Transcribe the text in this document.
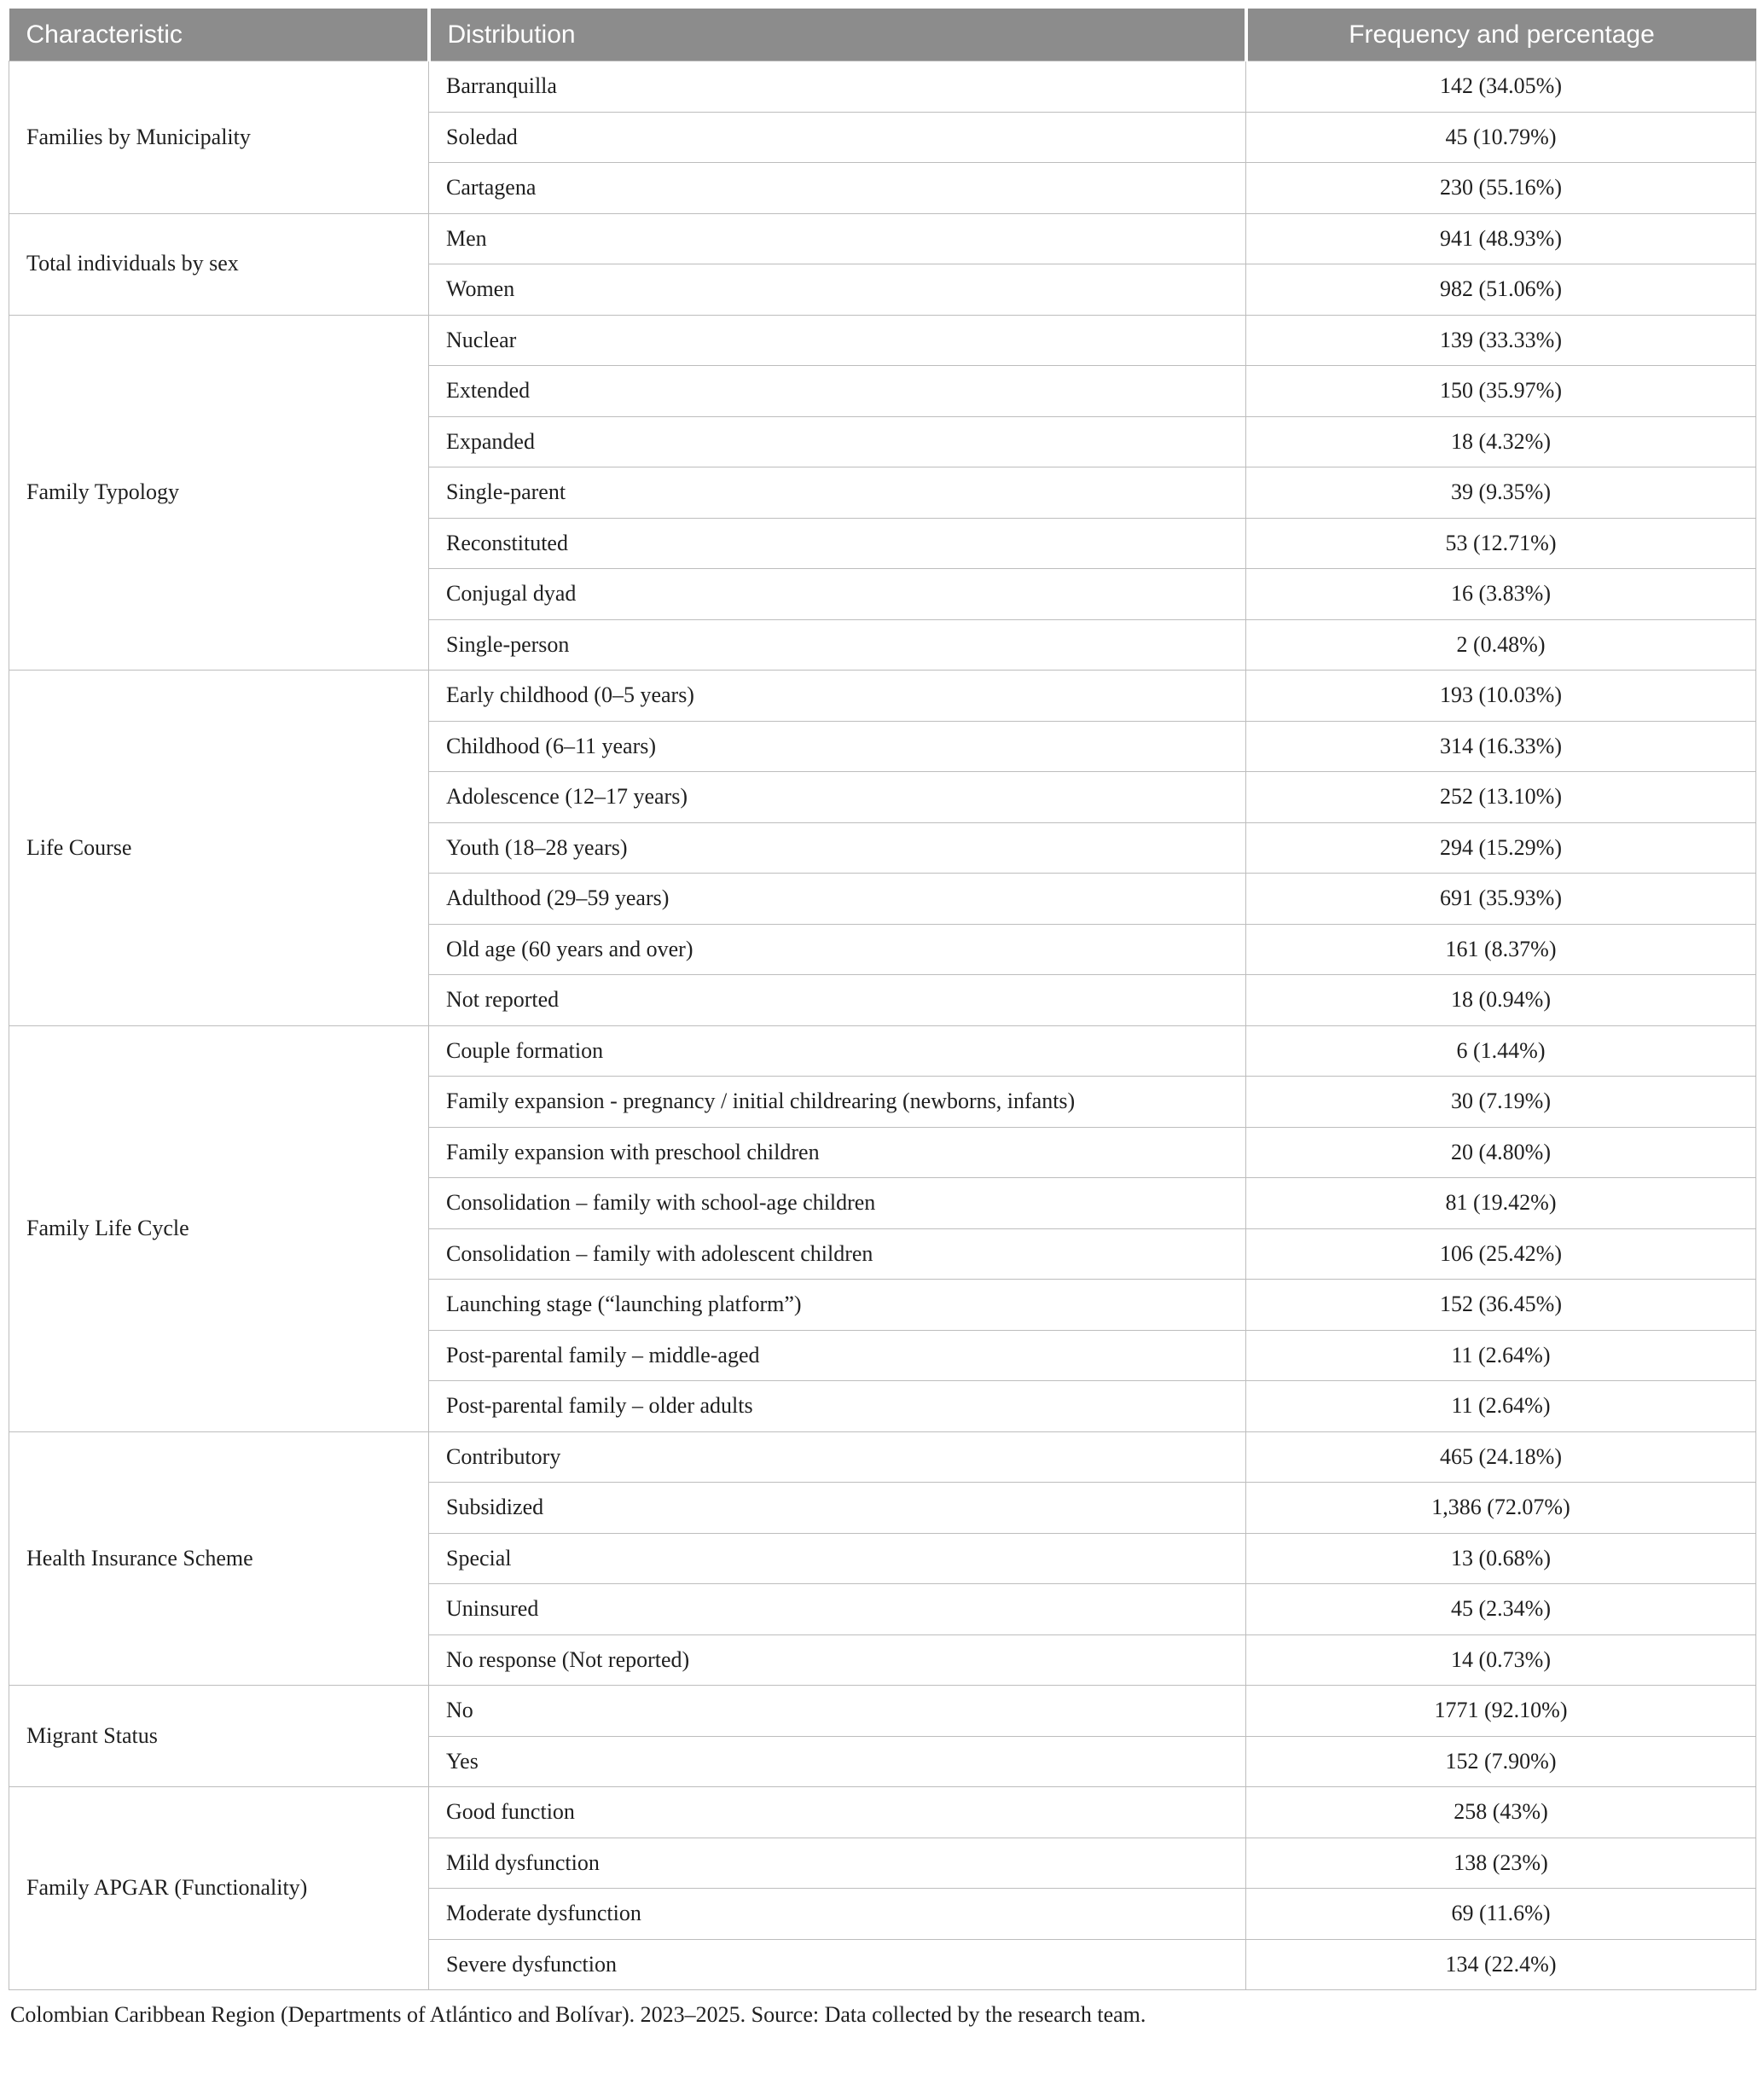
Characteristic	Distribution	Frequency and percentage
Families by Municipality	Barranquilla	142 (34.05%)
	Soledad	45 (10.79%)
	Cartagena	230 (55.16%)
Total individuals by sex	Men	941 (48.93%)
	Women	982 (51.06%)
Family Typology	Nuclear	139 (33.33%)
	Extended	150 (35.97%)
	Expanded	18 (4.32%)
	Single-parent	39 (9.35%)
	Reconstituted	53 (12.71%)
	Conjugal dyad	16 (3.83%)
	Single-person	2 (0.48%)
Life Course	Early childhood (0–5 years)	193 (10.03%)
	Childhood (6–11 years)	314 (16.33%)
	Adolescence (12–17 years)	252 (13.10%)
	Youth (18–28 years)	294 (15.29%)
	Adulthood (29–59 years)	691 (35.93%)
	Old age (60 years and over)	161 (8.37%)
	Not reported	18 (0.94%)
Family Life Cycle	Couple formation	6 (1.44%)
	Family expansion - pregnancy / initial childrearing (newborns, infants)	30 (7.19%)
	Family expansion with preschool children	20 (4.80%)
	Consolidation – family with school-age children	81 (19.42%)
	Consolidation – family with adolescent children	106 (25.42%)
	Launching stage (“launching platform”)	152 (36.45%)
	Post-parental family – middle-aged	11 (2.64%)
	Post-parental family – older adults	11 (2.64%)
Health Insurance Scheme	Contributory	465 (24.18%)
	Subsidized	1,386 (72.07%)
	Special	13 (0.68%)
	Uninsured	45 (2.34%)
	No response (Not reported)	14 (0.73%)
Migrant Status	No	1771 (92.10%)
	Yes	152 (7.90%)
Family APGAR (Functionality)	Good function	258 (43%)
	Mild dysfunction	138 (23%)
	Moderate dysfunction	69 (11.6%)
	Severe dysfunction	134 (22.4%)
Colombian Caribbean Region (Departments of Atlántico and Bolívar). 2023–2025. Source: Data collected by the research team.
